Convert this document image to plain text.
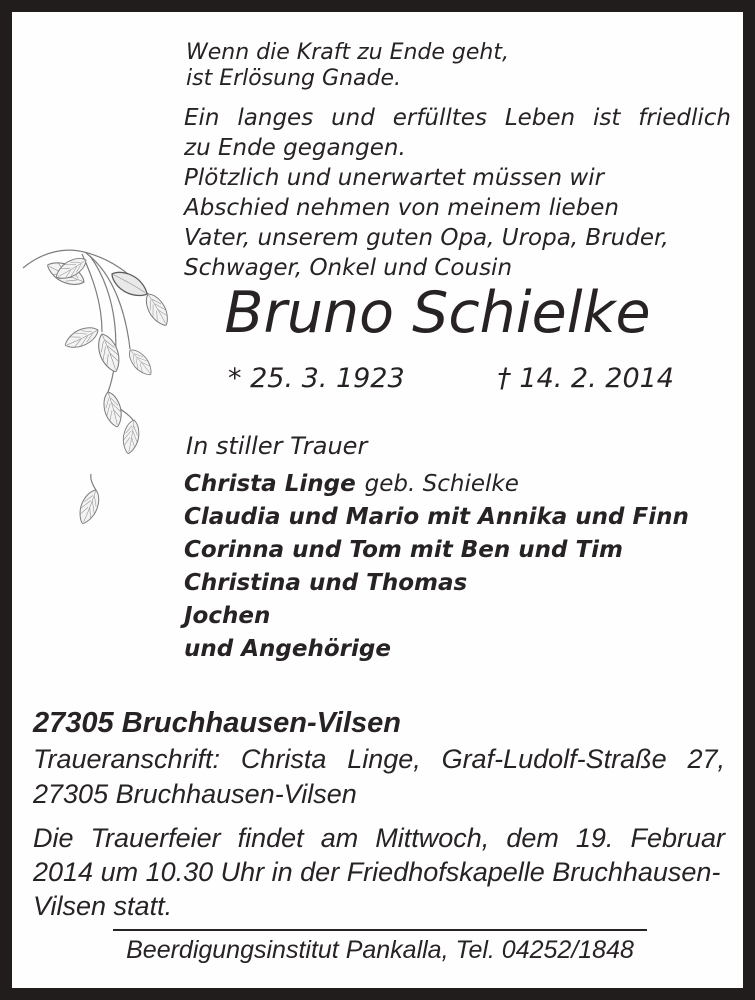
Wenn die Kraft zu Ende geht,
ist Erlösung Gnade.
Ein langes und erfülltes Leben ist friedlich
zu Ende gegangen.
Plötzlich und unerwartet müssen wir
Abschied nehmen von meinem lieben
Vater, unserem guten Opa, Uropa, Bruder,
Schwager, Onkel und Cousin
Bruno Schielke
* 25. 3. 1923	† 14. 2. 2014
In stiller Trauer
Christa Linge geb. Schielke
Claudia und Mario mit Annika und Finn
Corinna und Tom mit Ben und Tim
Christina und Thomas
Jochen
und Angehörige
27305 Bruchhausen-Vilsen
Traueranschrift: Christa Linge, Graf-Ludolf-Straße 27,
27305 Bruchhausen-Vilsen
Die Trauerfeier findet am Mittwoch, dem 19. Februar
2014 um 10.30 Uhr in der Friedhofskapelle Bruchhausen-
Vilsen statt.
Beerdigungsinstitut Pankalla, Tel. 04252/1848
